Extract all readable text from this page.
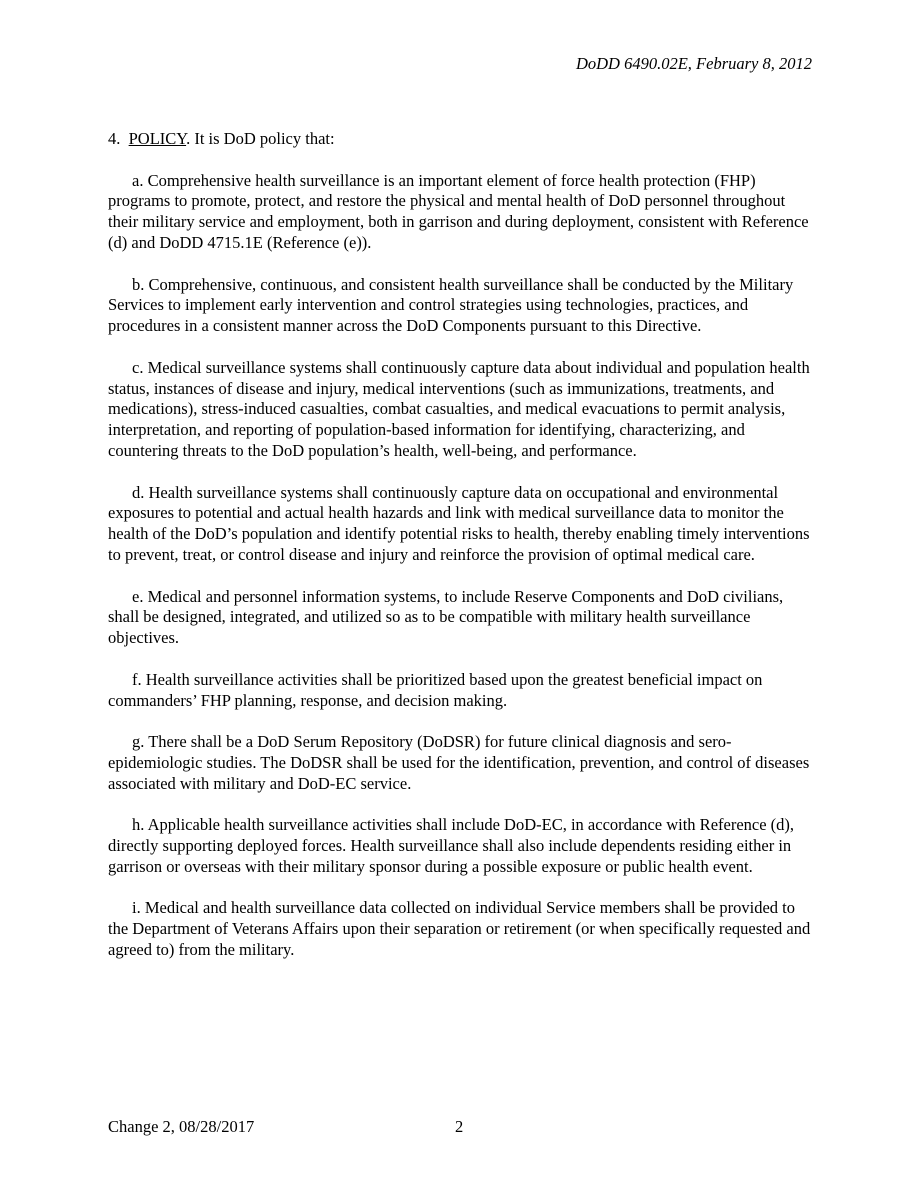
DoDD 6490.02E, February 8, 2012

4. POLICY. It is DoD policy that:

a. Comprehensive health surveillance is an important element of force health protection (FHP) programs to promote, protect, and restore the physical and mental health of DoD personnel throughout their military service and employment, both in garrison and during deployment, consistent with Reference (d) and DoDD 4715.1E (Reference (e)).

b. Comprehensive, continuous, and consistent health surveillance shall be conducted by the Military Services to implement early intervention and control strategies using technologies, practices, and procedures in a consistent manner across the DoD Components pursuant to this Directive.

c. Medical surveillance systems shall continuously capture data about individual and population health status, instances of disease and injury, medical interventions (such as immunizations, treatments, and medications), stress-induced casualties, combat casualties, and medical evacuations to permit analysis, interpretation, and reporting of population-based information for identifying, characterizing, and countering threats to the DoD population’s health, well-being, and performance.

d. Health surveillance systems shall continuously capture data on occupational and environmental exposures to potential and actual health hazards and link with medical surveillance data to monitor the health of the DoD’s population and identify potential risks to health, thereby enabling timely interventions to prevent, treat, or control disease and injury and reinforce the provision of optimal medical care.

e. Medical and personnel information systems, to include Reserve Components and DoD civilians, shall be designed, integrated, and utilized so as to be compatible with military health surveillance objectives.

f. Health surveillance activities shall be prioritized based upon the greatest beneficial impact on commanders’ FHP planning, response, and decision making.

g. There shall be a DoD Serum Repository (DoDSR) for future clinical diagnosis and sero-epidemiologic studies. The DoDSR shall be used for the identification, prevention, and control of diseases associated with military and DoD-EC service.

h. Applicable health surveillance activities shall include DoD-EC, in accordance with Reference (d), directly supporting deployed forces. Health surveillance shall also include dependents residing either in garrison or overseas with their military sponsor during a possible exposure or public health event.

i. Medical and health surveillance data collected on individual Service members shall be provided to the Department of Veterans Affairs upon their separation or retirement (or when specifically requested and agreed to) from the military.

Change 2, 08/28/2017	2
